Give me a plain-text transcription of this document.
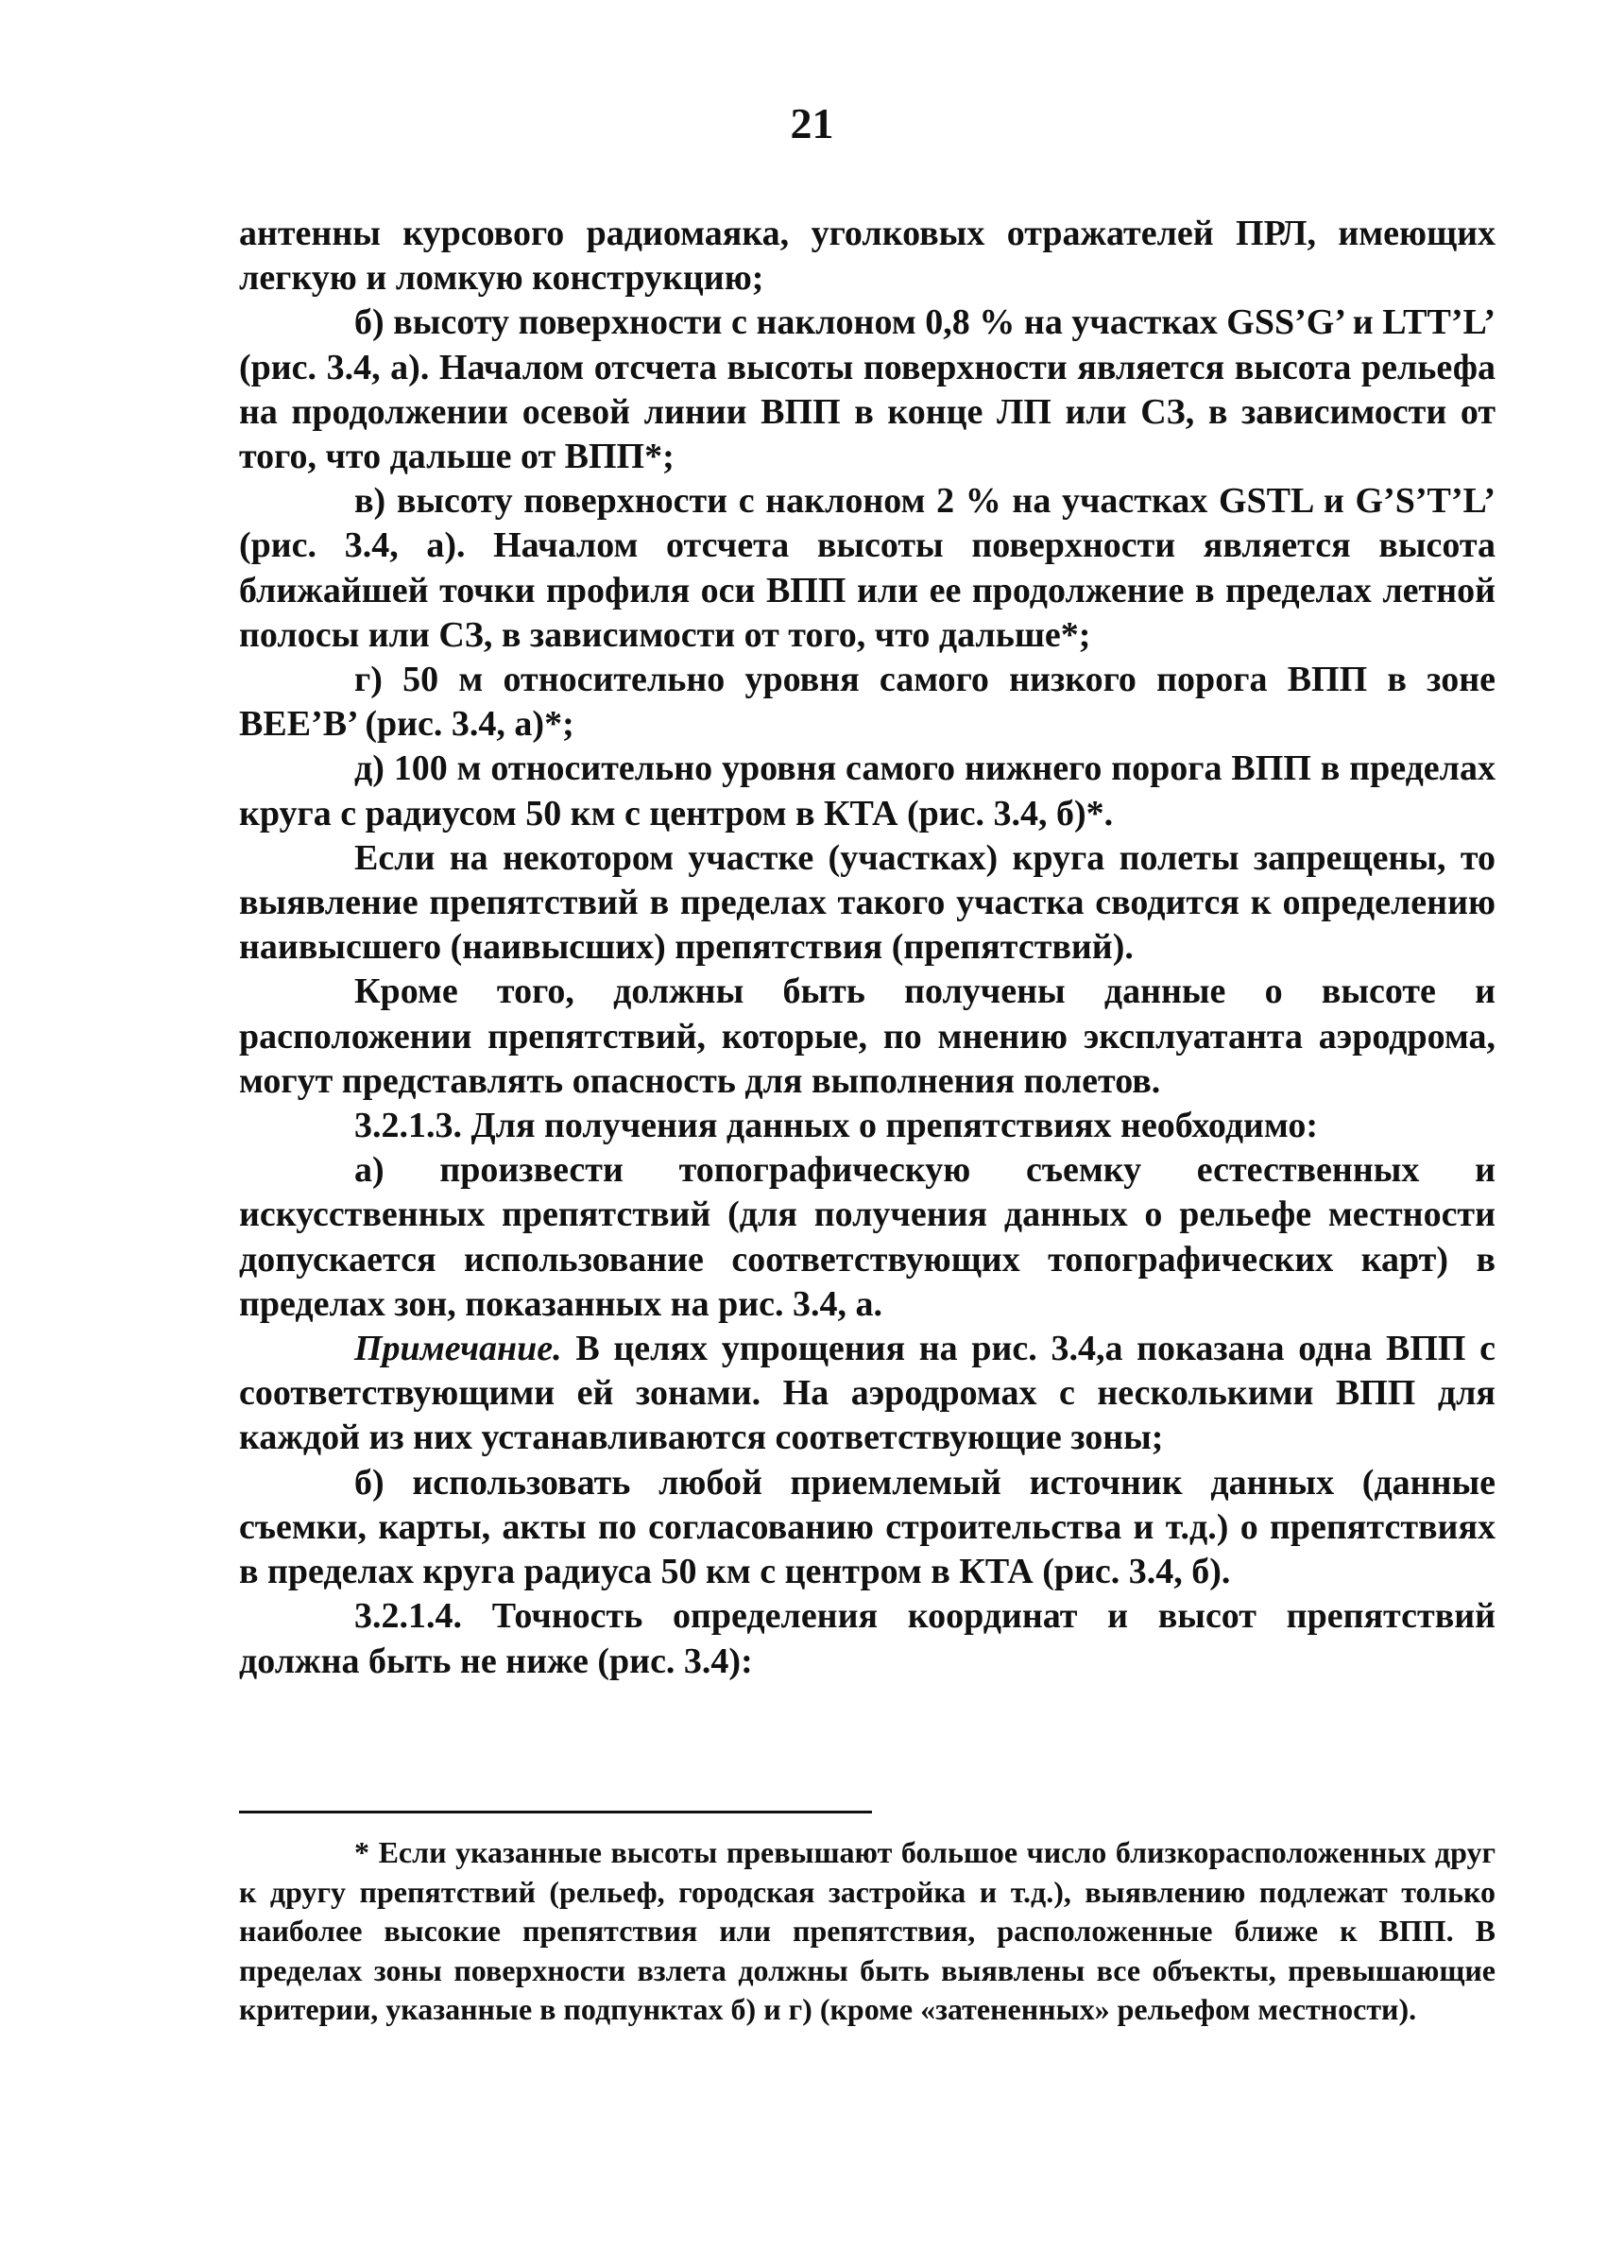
21

антенны курсового радиомаяка, уголковых отражателей ПРЛ, имеющих легкую и ломкую конструкцию;

б) высоту поверхности с наклоном 0,8 % на участках GSS’G’ и LTT’L’ (рис. 3.4, а). Началом отсчета высоты поверхности является высота рельефа на продолжении осевой линии ВПП в конце ЛП или СЗ, в зависимости от того, что дальше от ВПП*;

в) высоту поверхности с наклоном 2 % на участках GSTL и G’S’T’L’ (рис. 3.4, а). Началом отсчета высоты поверхности является высота ближайшей точки профиля оси ВПП или ее продолжение в пределах летной полосы или СЗ, в зависимости от того, что дальше*;

г) 50 м относительно уровня самого низкого порога ВПП в зоне BEE’B’ (рис. 3.4, а)*;

д) 100 м относительно уровня самого нижнего порога ВПП в пределах круга с радиусом 50 км с центром в КТА (рис. 3.4, б)*.

Если на некотором участке (участках) круга полеты запрещены, то выявление препятствий в пределах такого участка сводится к определению наивысшего (наивысших) препятствия (препятствий).

Кроме того, должны быть получены данные о высоте и расположении препятствий, которые, по мнению эксплуатанта аэродрома, могут представлять опасность для выполнения полетов.

3.2.1.3. Для получения данных о препятствиях необходимо:

а) произвести топографическую съемку естественных и искусственных препятствий (для получения данных о рельефе местности допускается использование соответствующих топографических карт) в пределах зон, показанных на рис. 3.4, а.

Примечание. В целях упрощения на рис. 3.4,а показана одна ВПП с соответствующими ей зонами. На аэродромах с несколькими ВПП для каждой из них устанавливаются соответствующие зоны;

б) использовать любой приемлемый источник данных (данные съемки, карты, акты по согласованию строительства и т.д.) о препятствиях в пределах круга радиуса 50 км с центром в КТА (рис. 3.4, б).

3.2.1.4. Точность определения координат и высот препятствий должна быть не ниже (рис. 3.4):

* Если указанные высоты превышают большое число близкорасположенных друг к другу препятствий (рельеф, городская застройка и т.д.), выявлению подлежат только наиболее высокие препятствия или препятствия, расположенные ближе к ВПП. В пределах зоны поверхности взлета должны быть выявлены все объекты, превышающие критерии, указанные в подпунктах б) и г) (кроме «затененных» рельефом местности).
